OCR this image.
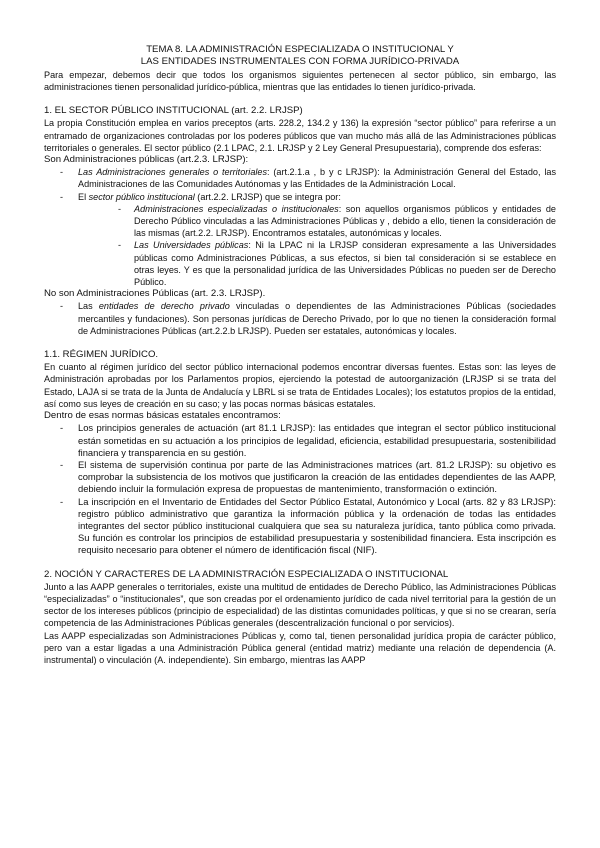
TEMA 8. LA ADMINISTRACIÓN ESPECIALIZADA O INSTITUCIONAL Y
LAS ENTIDADES INSTRUMENTALES CON FORMA JURÍDICO-PRIVADA

Para empezar, debemos decir que todos los organismos siguientes pertenecen al sector público, sin embargo, las administraciones tienen personalidad jurídico-pública, mientras que las entidades lo tienen jurídico-privada.

1. EL SECTOR PÚBLICO INSTITUCIONAL (art. 2.2. LRJSP)

La propia Constitución emplea en varios preceptos (arts. 228.2, 134.2 y 136) la expresión “sector público” para referirse a un entramado de organizaciones controladas por los poderes públicos que van mucho más allá de las Administraciones públicas territoriales o generales. El sector público (2.1 LPAC, 2.1. LRJSP y 2 Ley General Presupuestaria), comprende dos esferas:

Son Administraciones públicas (art.2.3. LRJSP):

- Las Administraciones generales o territoriales: (art.2.1.a , b y c LRJSP): la Administración General del Estado, las Administraciones de las Comunidades Autónomas y las Entidades de la Administración Local.
- El sector público institucional (art.2.2. LRJSP) que se integra por:
- Administraciones especializadas o institucionales: son aquellos organismos públicos y entidades de Derecho Público vinculadas a las Administraciones Públicas y , debido a ello, tienen la consideración de las mismas (art.2.2. LRJSP). Encontramos estatales, autonómicas y locales.
- Las Universidades públicas: Ni la LPAC ni la LRJSP consideran expresamente a las Universidades públicas como Administraciones Públicas, a sus efectos, si bien tal consideración si se establece en otras leyes. Y es que la personalidad jurídica de las Universidades Públicas no pueden ser de Derecho Público.

No son Administraciones Públicas (art. 2.3. LRJSP).

- Las entidades de derecho privado vinculadas o dependientes de las Administraciones Públicas (sociedades mercantiles y fundaciones). Son personas jurídicas de Derecho Privado, por lo que no tienen la consideración formal de Administraciones Públicas (art.2.2.b LRJSP). Pueden ser estatales, autonómicas y locales.

1.1. RÉGIMEN JURÍDICO.

En cuanto al régimen jurídico del sector público internacional podemos encontrar diversas fuentes. Estas son: las leyes de Administración aprobadas por los Parlamentos propios, ejerciendo la potestad de autoorganización (LRJSP si se trata del Estado, LAJA si se trata de la Junta de Andalucía y LBRL si se trata de Entidades Locales); los estatutos propios de la entidad, así como sus leyes de creación en su caso; y las pocas normas básicas estatales.

Dentro de esas normas básicas estatales encontramos:

- Los principios generales de actuación (art 81.1 LRJSP): las entidades que integran el sector público institucional están sometidas en su actuación a los principios de legalidad, eficiencia, estabilidad presupuestaria, sostenibilidad financiera y transparencia en su gestión.
- El sistema de supervisión continua por parte de las Administraciones matrices (art. 81.2 LRJSP): su objetivo es comprobar la subsistencia de los motivos que justificaron la creación de las entidades dependientes de las AAPP, debiendo incluir la formulación expresa de propuestas de mantenimiento, transformación o extinción.
- La inscripción en el Inventario de Entidades del Sector Público Estatal, Autonómico y Local (arts. 82 y 83 LRJSP): registro público administrativo que garantiza la información pública y la ordenación de todas las entidades integrantes del sector público institucional cualquiera que sea su naturaleza jurídica, tanto pública como privada. Su función es controlar los principios de estabilidad presupuestaria y sostenibilidad financiera. Esta inscripción es requisito necesario para obtener el número de identificación fiscal (NIF).

2. NOCIÓN Y CARACTERES DE LA ADMINISTRACIÓN ESPECIALIZADA O INSTITUCIONAL

Junto a las AAPP generales o territoriales, existe una multitud de entidades de Derecho Público, las Administraciones Públicas “especializadas” o “institucionales”, que son creadas por el ordenamiento jurídico de cada nivel territorial para la gestión de un sector de los intereses públicos (principio de especialidad) de las distintas comunidades políticas, y que si no se crearan, sería competencia de las Administraciones Públicas generales (descentralización funcional o por servicios).

Las AAPP especializadas son Administraciones Públicas y, como tal, tienen personalidad jurídica propia de carácter público, pero van a estar ligadas a una Administración Pública general (entidad matriz) mediante una relación de dependencia (A. instrumental) o vinculación (A. independiente). Sin embargo, mientras las AAPP
